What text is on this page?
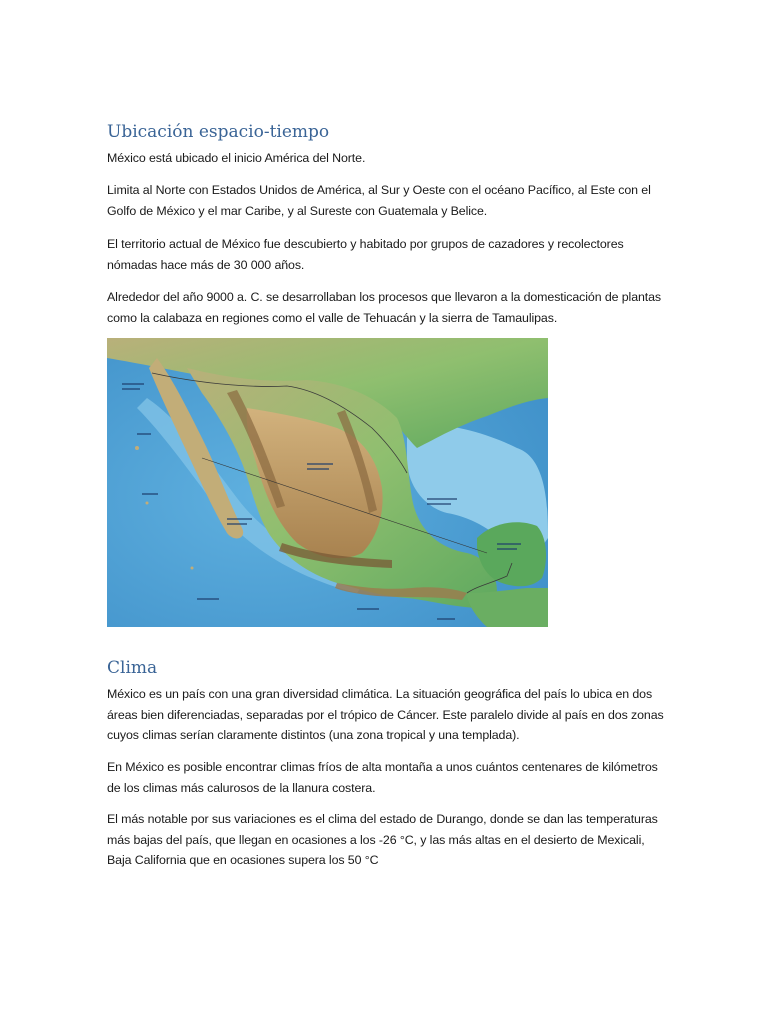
Ubicación espacio-tiempo

México está ubicado el inicio América del Norte.

Limita al Norte con Estados Unidos de América, al Sur y Oeste con el océano Pacífico, al Este con el Golfo de México y el mar Caribe, y al Sureste con Guatemala y Belice.

El territorio actual de México fue descubierto y habitado por grupos de cazadores y recolectores nómadas hace más de 30 000 años.

Alrededor del año 9000 a. C. se desarrollaban los procesos que llevaron a la domesticación de plantas como la calabaza en regiones como el valle de Tehuacán y la sierra de Tamaulipas.

Clima

México es un país con una gran diversidad climática. La situación geográfica del país lo ubica en dos áreas bien diferenciadas, separadas por el trópico de Cáncer. Este paralelo divide al país en dos zonas cuyos climas serían claramente distintos (una zona tropical y una templada).

En México es posible encontrar climas fríos de alta montaña a unos cuántos centenares de kilómetros de los climas más calurosos de la llanura costera.

El más notable por sus variaciones es el clima del estado de Durango, donde se dan las temperaturas más bajas del país, que llegan en ocasiones a los -26 °C, y las más altas en el desierto de Mexicali, Baja California que en ocasiones supera los 50 °C
